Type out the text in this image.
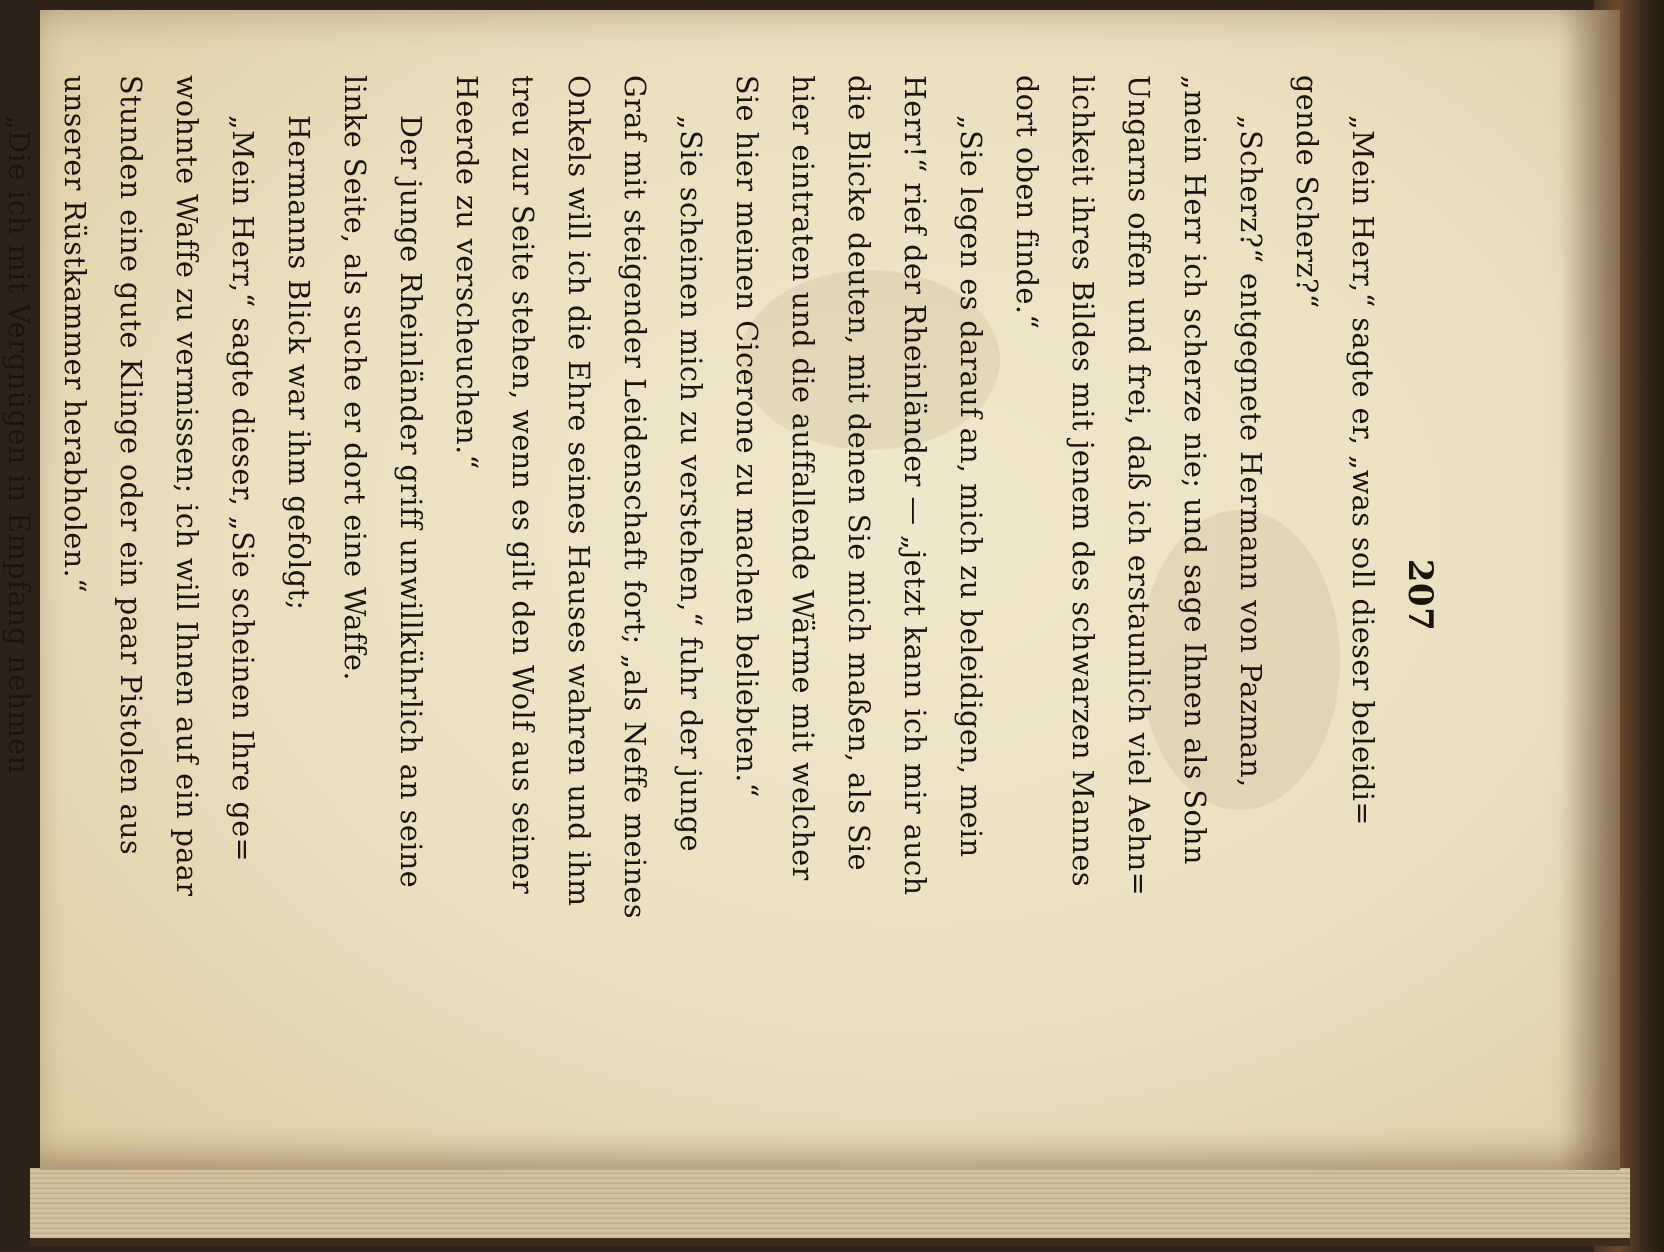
207
„Mein Herr,“ sagte er, „was soll dieser beleidi=
gende Scherz?“
„Scherz?“ entgegnete Hermann von Pazman,
„mein Herr ich scherze nie; und sage Ihnen als Sohn
Ungarns offen und frei, daß ich erstaunlich viel Aehn=
lichkeit ihres Bildes mit jenem des schwarzen Mannes
dort oben finde.“
„Sie legen es darauf an, mich zu beleidigen, mein
Herr!“ rief der Rheinländer — „jetzt kann ich mir auch
die Blicke deuten, mit denen Sie mich maßen, als Sie
hier eintraten und die auffallende Wärme mit welcher
Sie hier meinen Cicerone zu machen beliebten.“
„Sie scheinen mich zu verstehen,“ fuhr der junge
Graf mit steigender Leidenschaft fort; „als Neffe meines
Onkels will ich die Ehre seines Hauses wahren und ihm
treu zur Seite stehen, wenn es gilt den Wolf aus seiner
Heerde zu verscheuchen.“
Der junge Rheinländer griff unwillkührlich an seine
linke Seite, als suche er dort eine Waffe.
Hermanns Blick war ihm gefolgt;
„Mein Herr,“ sagte dieser, „Sie scheinen Ihre ge=
wohnte Waffe zu vermissen; ich will Ihnen auf ein paar
Stunden eine gute Klinge oder ein paar Pistolen aus
unserer Rüstkammer herabholen.“
„Die ich mit Vergnügen in Empfang nehmen
